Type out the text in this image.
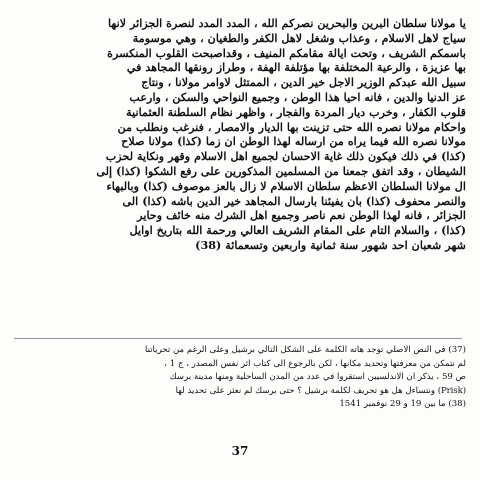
يا مولانا سلطان البرين والبحرين نصركم الله ، المدد المدد لنصرة الجزائر لانها
سياج لاهل الاسلام ، وعذاب وشغل لاهل الكفر والطغيان ، وهي موسومة
باسمكم الشريف ، وتحت ايالة مقامكم المنيف ، وقداصبحت القلوب المنكسرة
بها عزيزة ، والرعية المختلفة بها مؤتلفة الهفة ، وطراز رونقها المجاهد في
سبيل الله عبدكم الوزير الاجل خير الدين ، الممتثل لاوامر مولانا ، ونتاج
عز الدنيا والدين ، فانه احيا هذا الوطن ، وجميع النواحي والسكن ، وارعب
قلوب الكفار ، وخرب ديار المردة والفجار ، واظهر نظام السلطنة العثمانية
واحكام مولانا نصره الله حتى تزينت بها الديار والامصار ، فنرغب ونطلب من
مولانا نصره الله فيما يراه من ارساله لهذا الوطن ان زما (كذا) مولانا صلاح
(كذا) في ذلك فيكون ذلك غاية الاحسان لجميع اهل الاسلام وقهر ونكاية لحزب
الشيطان ، وقد اتفق جمعنا من المسلمين المذكورين على رفع الشكوا (كذا) إلى
ال مولانا السلطان الاعظم سلطان الاسلام لا زال بالعز موصوف (كذا) وبالبهاء
والنصر محفوف (كذا) بان يفيئنا بارسال المجاهد خير الدين باشه (كذا) الى
الجزائر ، فانه لهذا الوطن نعم ناصر وجميع اهل الشرك منه خائف وحاير
(كذا) ، والسلام التام على المقام الشريف العالي ورحمة الله بتاريخ اوايل
شهر شعبان احد شهور سنة ثمانية واربعين وتسعمائة (38)
(37) في النص الاصلي توجد هاته الكلمة على الشكل التالي برشيل وعلى الرغم من تحرياتنا
لم نتمكن من معرفتها وتحديد مكانها ، لكن بالرجوع الى كتاب اثر نفس المصدر ، ج 1 ،
ص 59 ، يذكر ان الاندلسيين استقروا في عدد من المدن الساحلية ومنها مدينة برسك
(Prisk) ونتساءل هل هو تحريف لكلمة برشيل ؟ حتى برسك لم نعثر على تحديد لها
(38) ما بين 19 و 29 نوفمبر 1541
37
